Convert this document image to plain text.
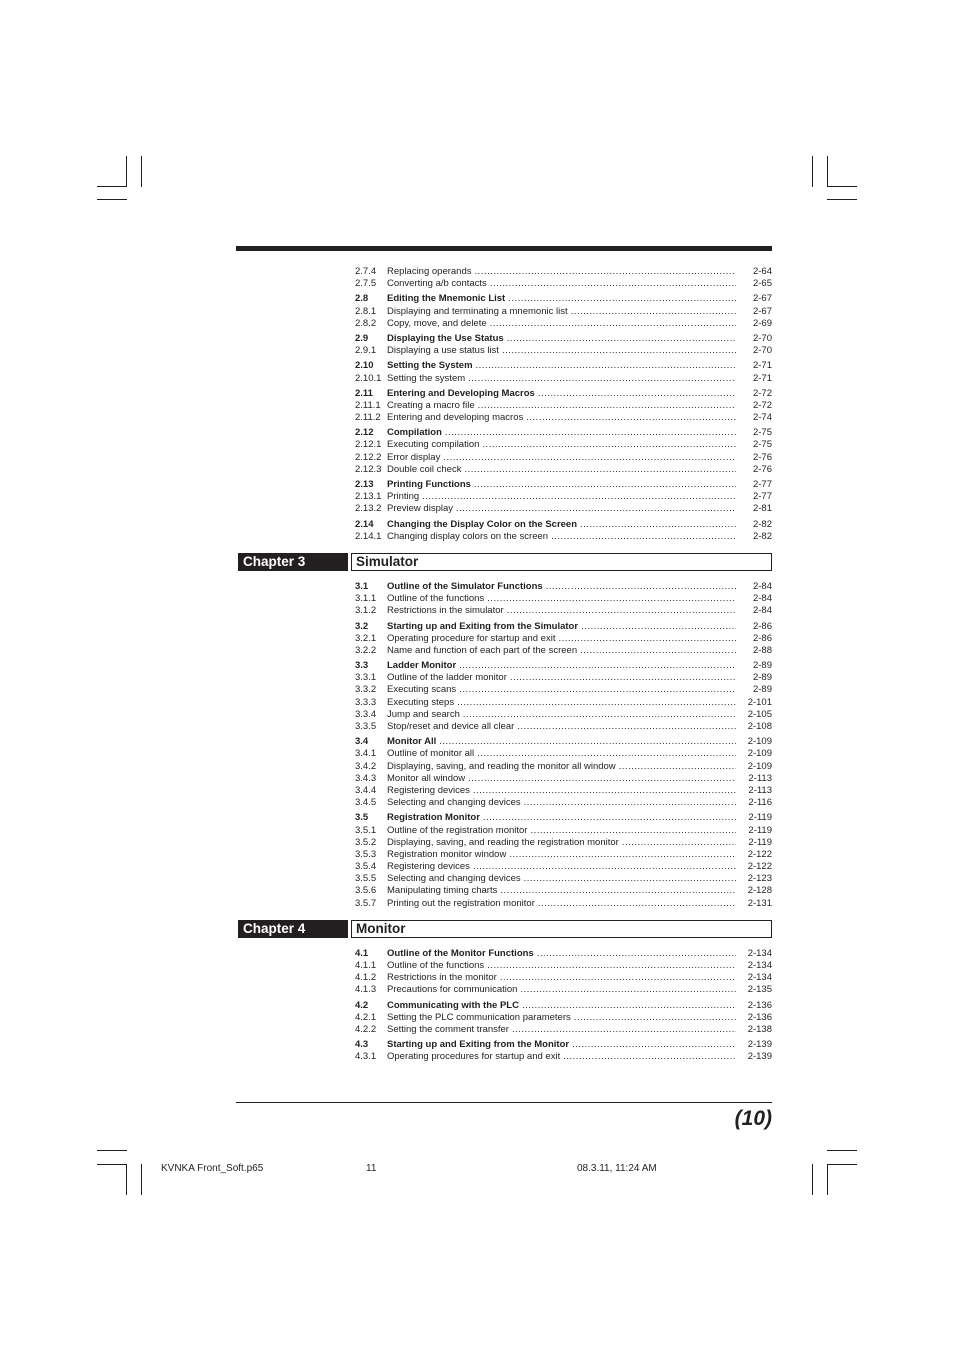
2.7.4 Replacing operands .....	2-64
2.7.5 Converting a/b contacts .....	2-65
2.8 Editing the Mnemonic List .....	2-67
2.8.1 Displaying and terminating a mnemonic list .....	2-67
2.8.2 Copy, move, and delete .....	2-69
2.9 Displaying the Use Status .....	2-70
2.9.1 Displaying a use status list .....	2-70
2.10 Setting the System .....	2-71
2.10.1 Setting the system .....	2-71
2.11 Entering and Developing Macros .....	2-72
2.11.1 Creating a macro file .....	2-72
2.11.2 Entering and developing macros .....	2-74
2.12 Compilation .....	2-75
2.12.1 Executing compilation .....	2-75
2.12.2 Error display .....	2-76
2.12.3 Double coil check .....	2-76
2.13 Printing Functions .....	2-77
2.13.1 Printing .....	2-77
2.13.2 Preview display .....	2-81
2.14 Changing the Display Color on the Screen .....	2-82
2.14.1 Changing display colors on the screen .....	2-82
Chapter 3	Simulator
3.1 Outline of the Simulator Functions .....	2-84
3.1.1 Outline of the functions .....	2-84
3.1.2 Restrictions in the simulator .....	2-84
3.2 Starting up and Exiting from the Simulator .....	2-86
3.2.1 Operating procedure for startup and exit .....	2-86
3.2.2 Name and function of each part of the screen .....	2-88
3.3 Ladder Monitor .....	2-89
3.3.1 Outline of the ladder monitor .....	2-89
3.3.2 Executing scans .....	2-89
3.3.3 Executing steps .....	2-101
3.3.4 Jump and search .....	2-105
3.3.5 Stop/reset and device all clear .....	2-108
3.4 Monitor All .....	2-109
3.4.1 Outline of monitor all .....	2-109
3.4.2 Displaying, saving, and reading the monitor all window .....	2-109
3.4.3 Monitor all window .....	2-113
3.4.4 Registering devices .....	2-113
3.4.5 Selecting and changing devices .....	2-116
3.5 Registration Monitor .....	2-119
3.5.1 Outline of the registration monitor .....	2-119
3.5.2 Displaying, saving, and reading the registration monitor .....	2-119
3.5.3 Registration monitor window .....	2-122
3.5.4 Registering devices .....	2-122
3.5.5 Selecting and changing devices .....	2-123
3.5.6 Manipulating timing charts .....	2-128
3.5.7 Printing out the registration monitor .....	2-131
Chapter 4	Monitor
4.1 Outline of the Monitor Functions .....	2-134
4.1.1 Outline of the functions .....	2-134
4.1.2 Restrictions in the monitor .....	2-134
4.1.3 Precautions for communication .....	2-135
4.2 Communicating with the PLC .....	2-136
4.2.1 Setting the PLC communication parameters .....	2-136
4.2.2 Setting the comment transfer .....	2-138
4.3 Starting up and Exiting from the Monitor .....	2-139
4.3.1 Operating procedures for startup and exit .....	2-139
(10)
KVNKA Front_Soft.p65	11	08.3.11, 11:24 AM
